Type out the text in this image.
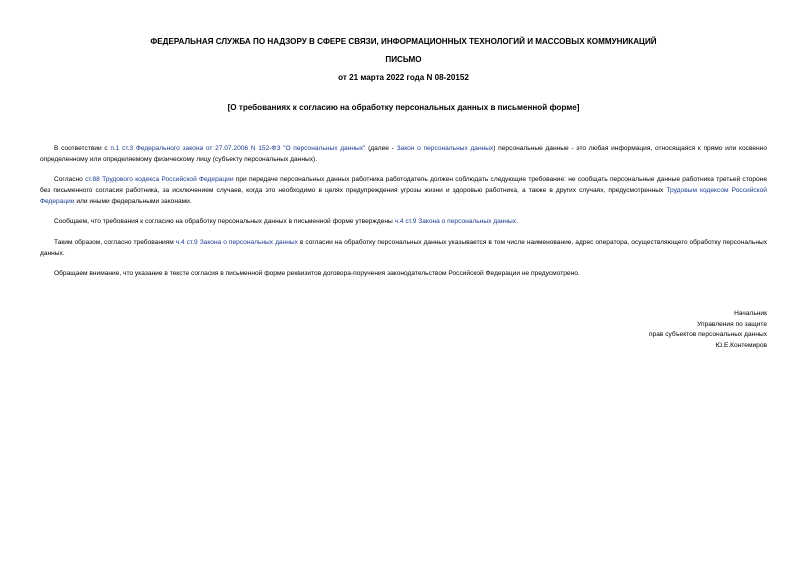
ФЕДЕРАЛЬНАЯ СЛУЖБА ПО НАДЗОРУ В СФЕРЕ СВЯЗИ, ИНФОРМАЦИОННЫХ ТЕХНОЛОГИЙ И МАССОВЫХ КОММУНИКАЦИЙ
ПИСЬМО
от 21 марта 2022 года N 08-20152
[О требованиях к согласию на обработку персональных данных в письменной форме]

В соответствии с п.1 ст.3 Федерального закона от 27.07.2006 N 152-ФЗ "О персональных данных" (далее - Закон о персональных данных) персональные данные - это любая информация, относящаяся к прямо или косвенно определенному или определяемому физическому лицу (субъекту персональных данных).

Согласно ст.88 Трудового кодекса Российской Федерации при передаче персональных данных работника работодатель должен соблюдать следующие требование: не сообщать персональные данные работника третьей стороне без письменного согласия работника, за исключением случаев, когда это необходимо в целях предупреждения угрозы жизни и здоровью работника, а также в других случаях, предусмотренных Трудовым кодексом Российской Федерации или иными федеральными законами.

Сообщаем, что требования к согласию на обработку персональных данных в письменной форме утверждены ч.4 ст.9 Закона о персональных данных.

Таким образом, согласно требованиям ч.4 ст.9 Закона о персональных данных в согласии на обработку персональных данных указывается в том числе наименование, адрес оператора, осуществляющего обработку персональных данных.

Обращаем внимание, что указание в тексте согласия в письменной форме реквизитов договора-поручения законодательством Российской Федерации не предусмотрено.

Начальник
Управления по защите
прав субъектов персональных данных
Ю.Е.Контемиров
